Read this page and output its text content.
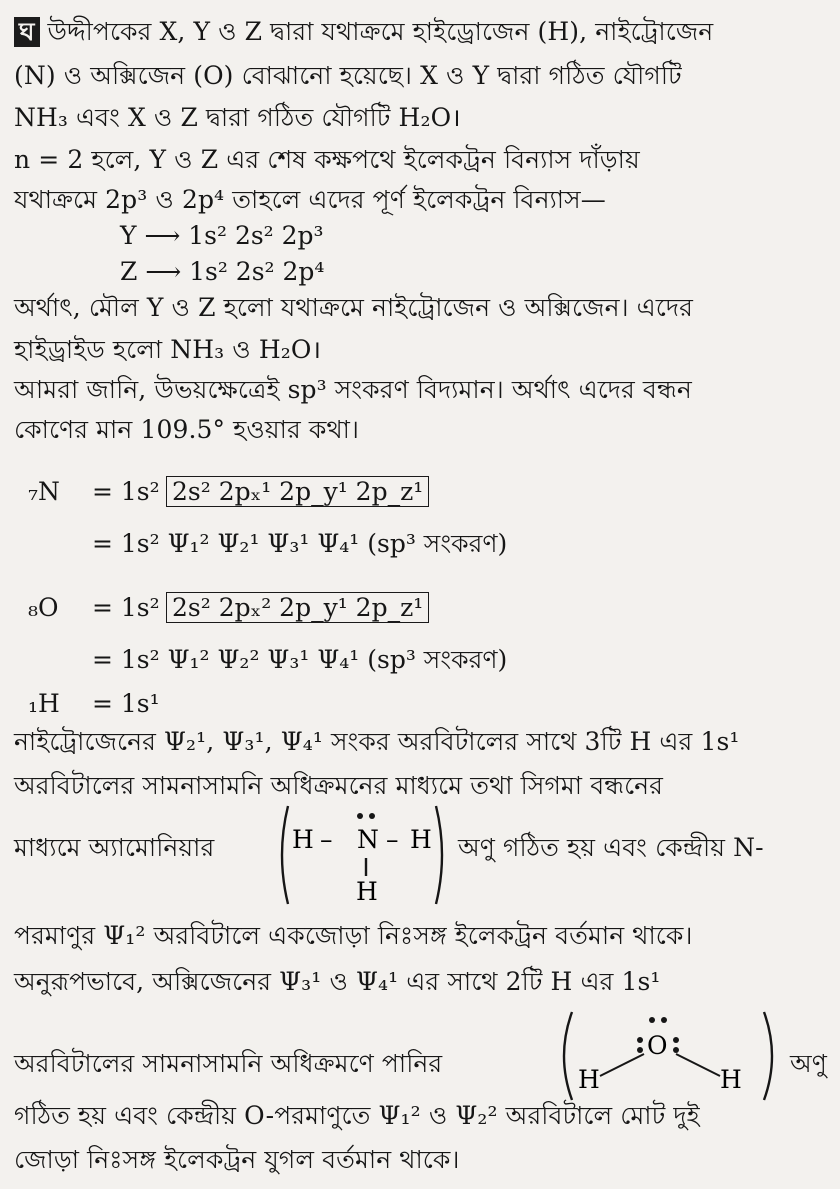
ঘ উদ্দীপকের X, Y ও Z দ্বারা যথাক্রমে হাইড্রোজেন (H), নাইট্রোজেন
(N) ও অক্সিজেন (O) বোঝানো হয়েছে। X ও Y দ্বারা গঠিত যৌগটি
NH₃ এবং X ও Z দ্বারা গঠিত যৌগটি H₂O।
n = 2 হলে, Y ও Z এর শেষ কক্ষপথে ইলেকট্রন বিন্যাস দাঁড়ায়
যথাক্রমে 2p³ ও 2p⁴ তাহলে এদের পূর্ণ ইলেকট্রন বিন্যাস—
Y ⟶ 1s² 2s² 2p³
Z ⟶ 1s² 2s² 2p⁴
অর্থাৎ, মৌল Y ও Z হলো যথাক্রমে নাইট্রোজেন ও অক্সিজেন। এদের
হাইড্রাইড হলো NH₃ ও H₂O।
আমরা জানি, উভয়ক্ষেত্রেই sp³ সংকরণ বিদ্যমান। অর্থাৎ এদের বন্ধন
কোণের মান 109.5° হওয়ার কথা।
₇N = 1s² 2s² 2pₓ¹ 2p_y¹ 2p_z¹
= 1s² Ψ₁² Ψ₂¹ Ψ₃¹ Ψ₄¹ (sp³ সংকরণ)
₈O = 1s² 2s² 2pₓ² 2p_y¹ 2p_z¹
= 1s² Ψ₁² Ψ₂² Ψ₃¹ Ψ₄¹ (sp³ সংকরণ)
₁H = 1s¹
নাইট্রোজেনের Ψ₂¹, Ψ₃¹, Ψ₄¹ সংকর অরবিটালের সাথে 3টি H এর 1s¹
অরবিটালের সামনাসামনি অধিক্রমনের মাধ্যমে তথা সিগমা বন্ধনের
মাধ্যমে অ্যামোনিয়ার	H – N – H
H
অণু গঠিত হয় এবং কেন্দ্রীয় N-
পরমাণুর Ψ₁² অরবিটালে একজোড়া নিঃসঙ্গ ইলেকট্রন বর্তমান থাকে।
অনুরূপভাবে, অক্সিজেনের Ψ₃¹ ও Ψ₄¹ এর সাথে 2টি H এর 1s¹
অরবিটালের সামনাসামনি অধিক্রমণে পানির
O
H	H
অণু
গঠিত হয় এবং কেন্দ্রীয় O-পরমাণুতে Ψ₁² ও Ψ₂² অরবিটালে মোট দুই
জোড়া নিঃসঙ্গ ইলেকট্রন যুগল বর্তমান থাকে।
